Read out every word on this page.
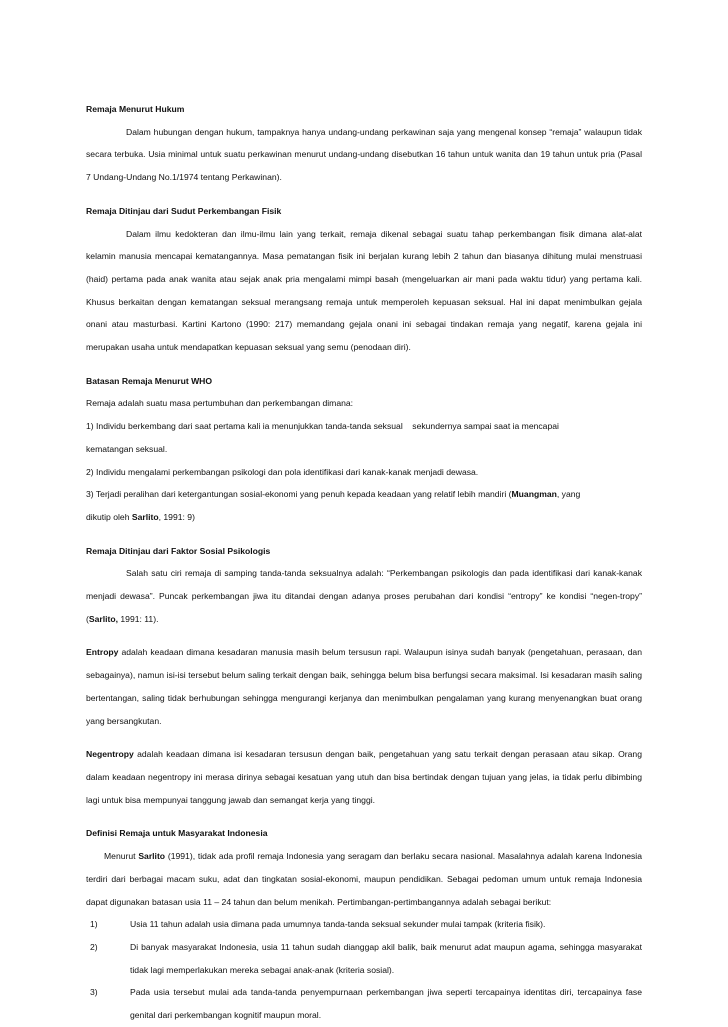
Remaja Menurut Hukum

Dalam hubungan dengan hukum, tampaknya hanya undang-undang perkawinan saja yang mengenal konsep “remaja” walaupun tidak secara terbuka. Usia minimal untuk suatu perkawinan menurut undang-undang disebutkan 16 tahun untuk wanita dan 19 tahun untuk pria (Pasal 7 Undang-Undang No.1/1974 tentang Perkawinan).

Remaja Ditinjau dari Sudut Perkembangan Fisik

Dalam ilmu kedokteran dan ilmu-ilmu lain yang terkait, remaja dikenal sebagai suatu tahap perkembangan fisik dimana alat-alat kelamin manusia mencapai kematangannya. Masa pematangan fisik ini berjalan kurang lebih 2 tahun dan biasanya dihitung mulai menstruasi (haid) pertama pada anak wanita atau sejak anak pria mengalami mimpi basah (mengeluarkan air mani pada waktu tidur) yang pertama kali. Khusus berkaitan dengan kematangan seksual merangsang remaja untuk memperoleh kepuasan seksual. Hal ini dapat menimbulkan gejala onani atau masturbasi. Kartini Kartono (1990: 217) memandang gejala onani ini sebagai tindakan remaja yang negatif, karena gejala ini merupakan usaha untuk mendapatkan kepuasan seksual yang semu (penodaan diri).

Batasan Remaja Menurut WHO

Remaja adalah suatu masa pertumbuhan dan perkembangan dimana:

1) Individu berkembang dari saat pertama kali ia menunjukkan tanda-tanda seksual    sekundernya sampai saat ia mencapai

kematangan seksual.

2) Individu mengalami perkembangan psikologi dan pola identifikasi dari kanak-kanak menjadi dewasa.

3) Terjadi peralihan dari ketergantungan sosial-ekonomi yang penuh kepada keadaan yang relatif lebih mandiri (Muangman, yang

dikutip oleh Sarlito, 1991: 9)

Remaja Ditinjau dari Faktor Sosial Psikologis

Salah satu ciri remaja di samping tanda-tanda seksualnya adalah: “Perkembangan psikologis dan pada identifikasi dari kanak-kanak menjadi dewasa”. Puncak perkembangan jiwa itu ditandai dengan adanya proses perubahan dari kondisi “entropy” ke kondisi “negen-tropy” (Sarlito, 1991: 11).

Entropy adalah keadaan dimana kesadaran manusia masih belum tersusun rapi. Walaupun isinya sudah banyak (pengetahuan, perasaan, dan sebagainya), namun isi-isi tersebut belum saling terkait dengan baik, sehingga belum bisa berfungsi secara maksimal. Isi kesadaran masih saling bertentangan, saling tidak berhubungan sehingga mengurangi kerjanya dan menimbulkan pengalaman yang kurang menyenangkan buat orang yang bersangkutan.

Negentropy adalah keadaan dimana isi kesadaran tersusun dengan baik, pengetahuan yang satu terkait dengan perasaan atau sikap. Orang dalam keadaan negentropy ini merasa dirinya sebagai kesatuan yang utuh dan bisa bertindak dengan tujuan yang jelas, ia tidak perlu dibimbing lagi untuk bisa mempunyai tanggung jawab dan semangat kerja yang tinggi.

Definisi Remaja untuk Masyarakat Indonesia

Menurut Sarlito (1991), tidak ada profil remaja Indonesia yang seragam dan berlaku secara nasional. Masalahnya adalah karena Indonesia terdiri dari berbagai macam suku, adat dan tingkatan sosial-ekonomi, maupun pendidikan. Sebagai pedoman umum untuk remaja Indonesia dapat digunakan batasan usia 11 – 24 tahun dan belum menikah. Pertimbangan-pertimbangannya adalah sebagai berikut:

1)	Usia 11 tahun adalah usia dimana pada umumnya tanda-tanda seksual sekunder mulai tampak (kriteria fisik).
2)	Di banyak masyarakat Indonesia, usia 11 tahun sudah dianggap akil balik, baik menurut adat maupun agama, sehingga masyarakat tidak lagi memperlakukan mereka sebagai anak-anak (kriteria sosial).
3)	Pada usia tersebut mulai ada tanda-tanda penyempurnaan perkembangan jiwa seperti tercapainya identitas diri, tercapainya fase genital dari perkembangan kognitif maupun moral.
